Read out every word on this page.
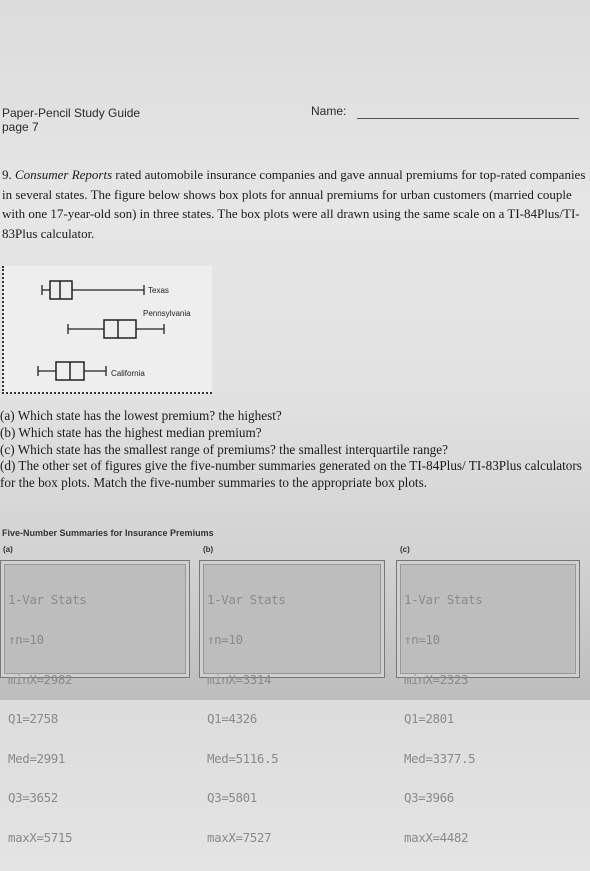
Paper-Pencil Study Guide
page 7
Name:
9. Consumer Reports rated automobile insurance companies and gave annual premiums for top-rated companies in several states. The figure below shows box plots for annual premiums for urban customers (married couple with one 17-year-old son) in three states. The box plots were all drawn using the same scale on a TI-84Plus/TI-83Plus calculator.
Texas
Pennsylvania
California
(a) Which state has the lowest premium? the highest?
(b) Which state has the highest median premium?
(c) Which state has the smallest range of premiums? the smallest interquartile range?
(d) The other set of figures give the five-number summaries generated on the TI-84Plus/ TI-83Plus calculators for the box plots. Match the five-number summaries to the appropriate box plots.
Five-Number Summaries for Insurance Premiums
(a)	(b)	(c)

1-Var Stats

↑n=10

minX=2982

Q1=2758

Med=2991

Q3=3652

maxX=5715

1-Var Stats

↑n=10

minX=3314

Q1=4326

Med=5116.5

Q3=5801

maxX=7527

1-Var Stats

↑n=10

minX=2323

Q1=2801

Med=3377.5

Q3=3966

maxX=4482
